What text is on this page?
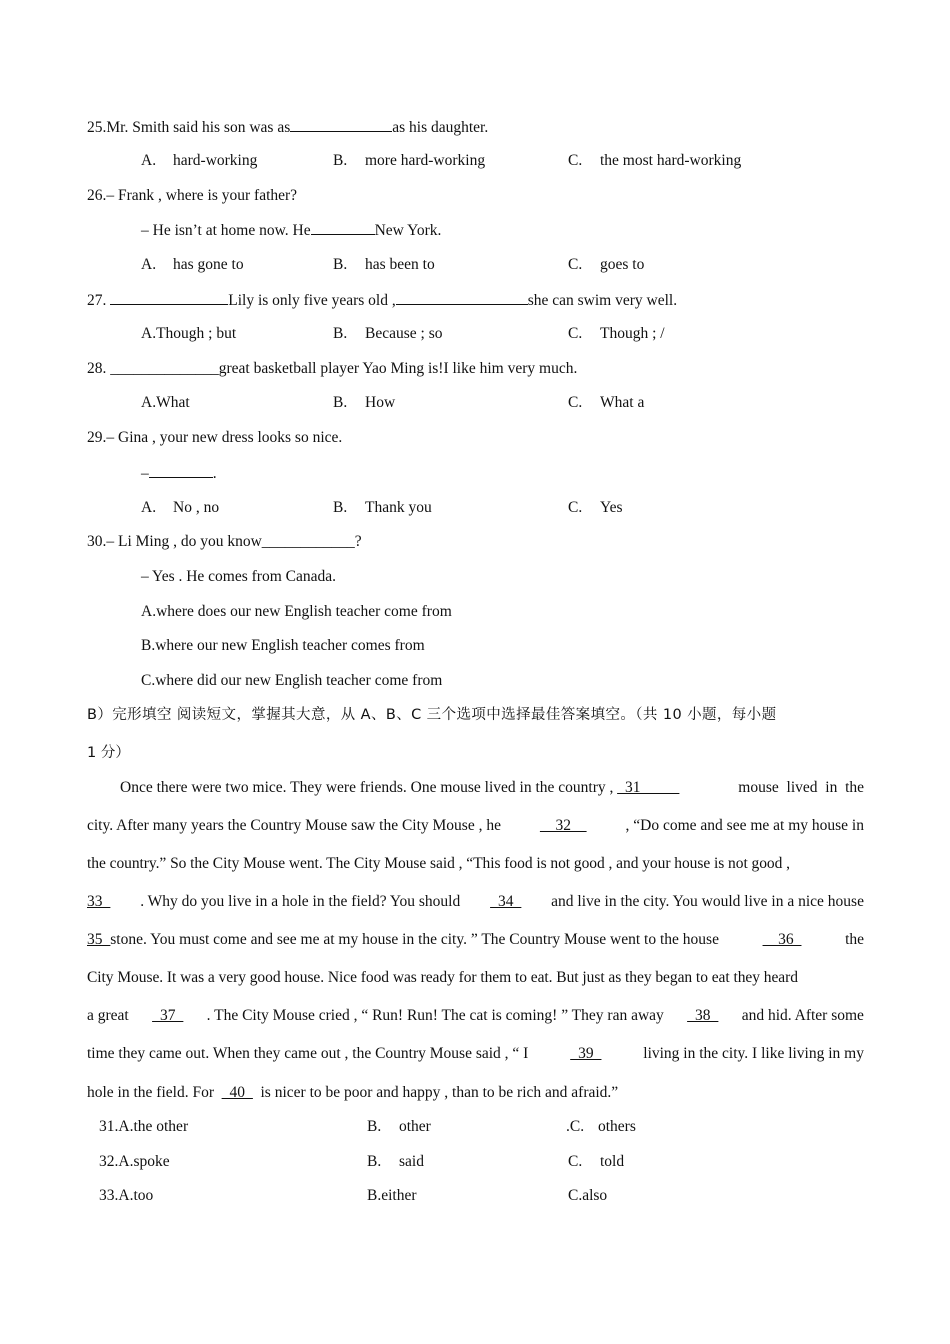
25.Mr. Smith said his son was as	as his daughter.
A. hard-working	B. more hard-working	C. the most hard-working
26.– Frank , where is your father?
– He isn’t at home now. He	New York.
A. has gone to	B. has been to	C. goes to
27.	Lily is only five years old ,	she can swim very well.
A.Though ; but	B. Because ; so	C. Though ; /
28. ______________great basketball player Yao Ming is!I like him very much.
A.What	B. How	C. What a
29.– Gina , your new dress looks so nice.
–	.
A. No , no	B. Thank you	C. Yes
30.– Li Ming , do you know____________?
– Yes . He comes from Canada.
A.where does our new English teacher come from
B.where our new English teacher comes from
C.where did our new English teacher come from
B）完形填空 阅读短文，掌握其大意，从 A、B、C 三个选项中选择最佳答案填空。（共 10 小题，每小题
1 分）
Once there were two mice. They were friends. One mouse lived in the country , _31_____	mouse  lived  in  the
city. After many years the Country Mouse saw the City Mouse , he	__32__	, “Do come and see me at my house in
the country.” So the City Mouse went. The City Mouse said , “This food is not good , and your house is not good ,
33_ . Why do you live in a hole in the field? You should _34_ and live in the city. You would live in a nice house
35_stone. You must come and see me at my house in the city. ” The Country Mouse went to the house	__36_	the
City Mouse. It was a very good house. Nice food was ready for them to eat. But just as they began to eat they heard
a great _37_ . The City Mouse cried , “ Run! Run! The cat is coming! ” They ran away _38_ and hid. After some
time they came out. When they came out , the Country Mouse said , “ I	_39_	living in the city. I like living in my
hole in the field. For _40_ is nicer to be poor and happy , than to be rich and afraid.”
31.A.the other	B. other	.C. others
32.A.spoke	B. said	C. told
33.A.too	B.either	C.also
